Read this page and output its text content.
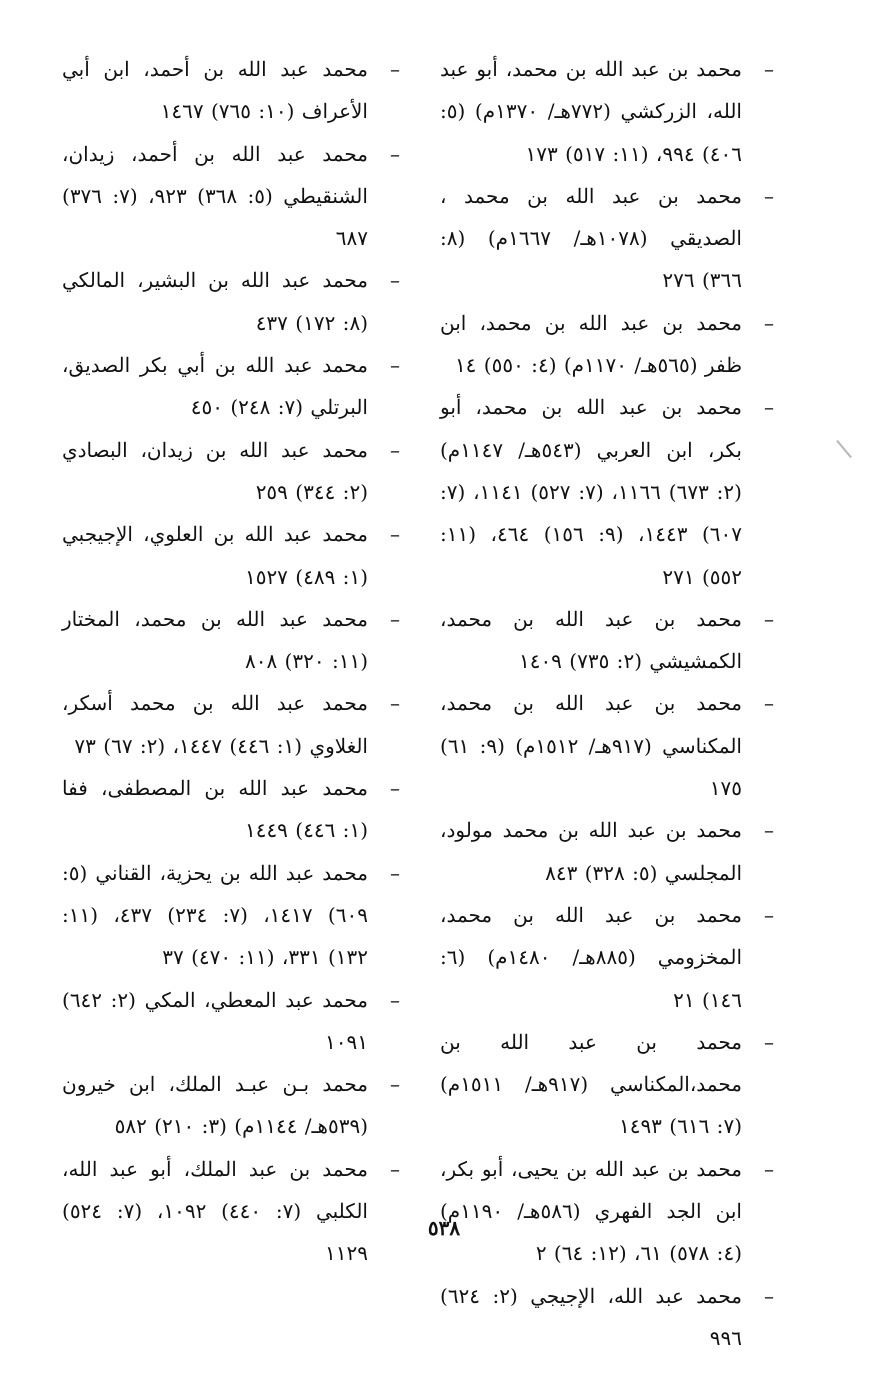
– محمد بن عبد الله بن محمد، أبو عبد الله، الزركشي (٧٧٢هـ/ ١٣٧٠م) (٥: ٤٠٦) ٩٩٤، (١١: ٥١٧) ١٧٣

– محمد بن عبد الله بن محمد ، الصديقي (١٠٧٨هـ/ ١٦٦٧م) (٨: ٣٦٦) ٢٧٦

– محمد بن عبد الله بن محمد، ابن ظفر (٥٦٥هـ/ ١١٧٠م) (٤: ٥٥٠) ١٤

– محمد بن عبد الله بن محمد، أبو بكر، ابن العربي (٥٤٣هـ/ ١١٤٧م) (٢: ٦٧٣) ١١٦٦، (٧: ٥٢٧) ١١٤١، (٧: ٦٠٧) ١٤٤٣، (٩: ١٥٦) ٤٦٤، (١١: ٥٥٢) ٢٧١

– محمد بن عبد الله بن محمد، الكمشيشي (٢: ٧٣٥) ١٤٠٩

– محمد بن عبد الله بن محمد، المكناسي (٩١٧هـ/ ١٥١٢م) (٩: ٦١) ١٧٥

– محمد بن عبد الله بن محمد مولود، المجلسي (٥: ٣٢٨) ٨٤٣

– محمد بن عبد الله بن محمد، المخزومي (٨٨٥هـ/ ١٤٨٠م) (٦: ١٤٦) ٢١

– محمد بن عبد الله بن محمد،المكناسي (٩١٧هـ/ ١٥١١م) (٧: ٦١٦) ١٤٩٣

– محمد بن عبد الله بن يحيى، أبو بكر، ابن الجد الفهري (٥٨٦هـ/ ١١٩٠م) (٤: ٥٧٨) ٦١، (١٢: ٦٤) ٢

– محمد عبد الله، الإجيجي (٢: ٦٢٤) ٩٩٦

– محمد عبد الله بن أحمد، ابن أبي الأعراف (١٠: ٧٦٥) ١٤٦٧

– محمد عبد الله بن أحمد، زيدان، الشنقيطي (٥: ٣٦٨) ٩٢٣، (٧: ٣٧٦) ٦٨٧

– محمد عبد الله بن البشير، المالكي (٨: ١٧٢) ٤٣٧

– محمد عبد الله بن أبي بكر الصديق، البرتلي (٧: ٢٤٨) ٤٥٠

– محمد عبد الله بن زيدان، البصادي (٢: ٣٤٤) ٢٥٩

– محمد عبد الله بن العلوي، الإجيجبي (١: ٤٨٩) ١٥٢٧

– محمد عبد الله بن محمد، المختار (١١: ٣٢٠) ٨٠٨

– محمد عبد الله بن محمد أسكر، الغلاوي (١: ٤٤٦) ١٤٤٧، (٢: ٦٧) ٧٣

– محمد عبد الله بن المصطفى، ففا (١: ٤٤٦) ١٤٤٩

– محمد عبد الله بن يحزية، القناني (٥: ٦٠٩) ١٤١٧، (٧: ٢٣٤) ٤٣٧، (١١: ١٣٢) ٣٣١، (١١: ٤٧٠) ٣٧

– محمد عبد المعطي، المكي (٢: ٦٤٢) ١٠٩١

– محمد بـن عبـد الملك، ابن خيرون (٥٣٩هـ/ ١١٤٤م) (٣: ٢١٠) ٥٨٢

– محمد بن عبد الملك، أبو عبد الله، الكلبي (٧: ٤٤٠) ١٠٩٢، (٧: ٥٢٤) ١١٢٩

٥٣٨
